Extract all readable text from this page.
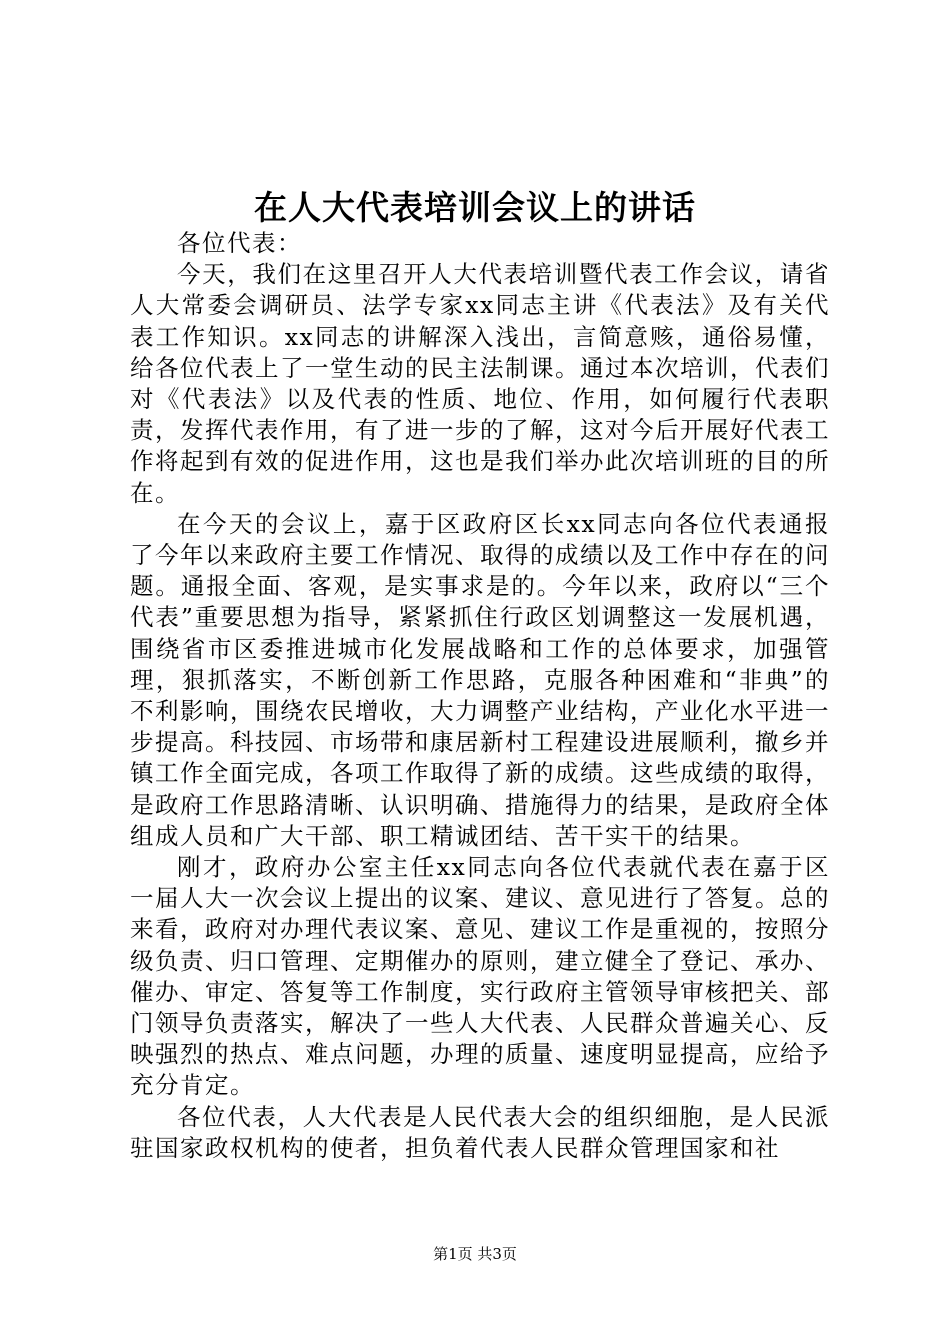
在人大代表培训会议上的讲话

各位代表：

今天，我们在这里召开人大代表培训暨代表工作会议，请省人大常委会调研员、法学专家xx同志主讲《代表法》及有关代表工作知识。xx同志的讲解深入浅出，言简意赅，通俗易懂，给各位代表上了一堂生动的民主法制课。通过本次培训，代表们对《代表法》以及代表的性质、地位、作用，如何履行代表职责，发挥代表作用，有了进一步的了解，这对今后开展好代表工作将起到有效的促进作用，这也是我们举办此次培训班的目的所在。

在今天的会议上，嘉于区政府区长xx同志向各位代表通报了今年以来政府主要工作情况、取得的成绩以及工作中存在的问题。通报全面、客观，是实事求是的。今年以来，政府以“三个代表”重要思想为指导，紧紧抓住行政区划调整这一发展机遇，围绕省市区委推进城市化发展战略和工作的总体要求，加强管理，狠抓落实，不断创新工作思路，克服各种困难和“非典”的不利影响，围绕农民增收，大力调整产业结构，产业化水平进一步提高。科技园、市场带和康居新村工程建设进展顺利，撤乡并镇工作全面完成，各项工作取得了新的成绩。这些成绩的取得，是政府工作思路清晰、认识明确、措施得力的结果，是政府全体组成人员和广大干部、职工精诚团结、苦干实干的结果。

刚才，政府办公室主任xx同志向各位代表就代表在嘉于区一届人大一次会议上提出的议案、建议、意见进行了答复。总的来看，政府对办理代表议案、意见、建议工作是重视的，按照分级负责、归口管理、定期催办的原则，建立健全了登记、承办、催办、审定、答复等工作制度，实行政府主管领导审核把关、部门领导负责落实，解决了一些人大代表、人民群众普遍关心、反映强烈的热点、难点问题，办理的质量、速度明显提高，应给予充分肯定。

各位代表，人大代表是人民代表大会的组织细胞，是人民派驻国家政权机构的使者，担负着代表人民群众管理国家和社

第1页 共3页
